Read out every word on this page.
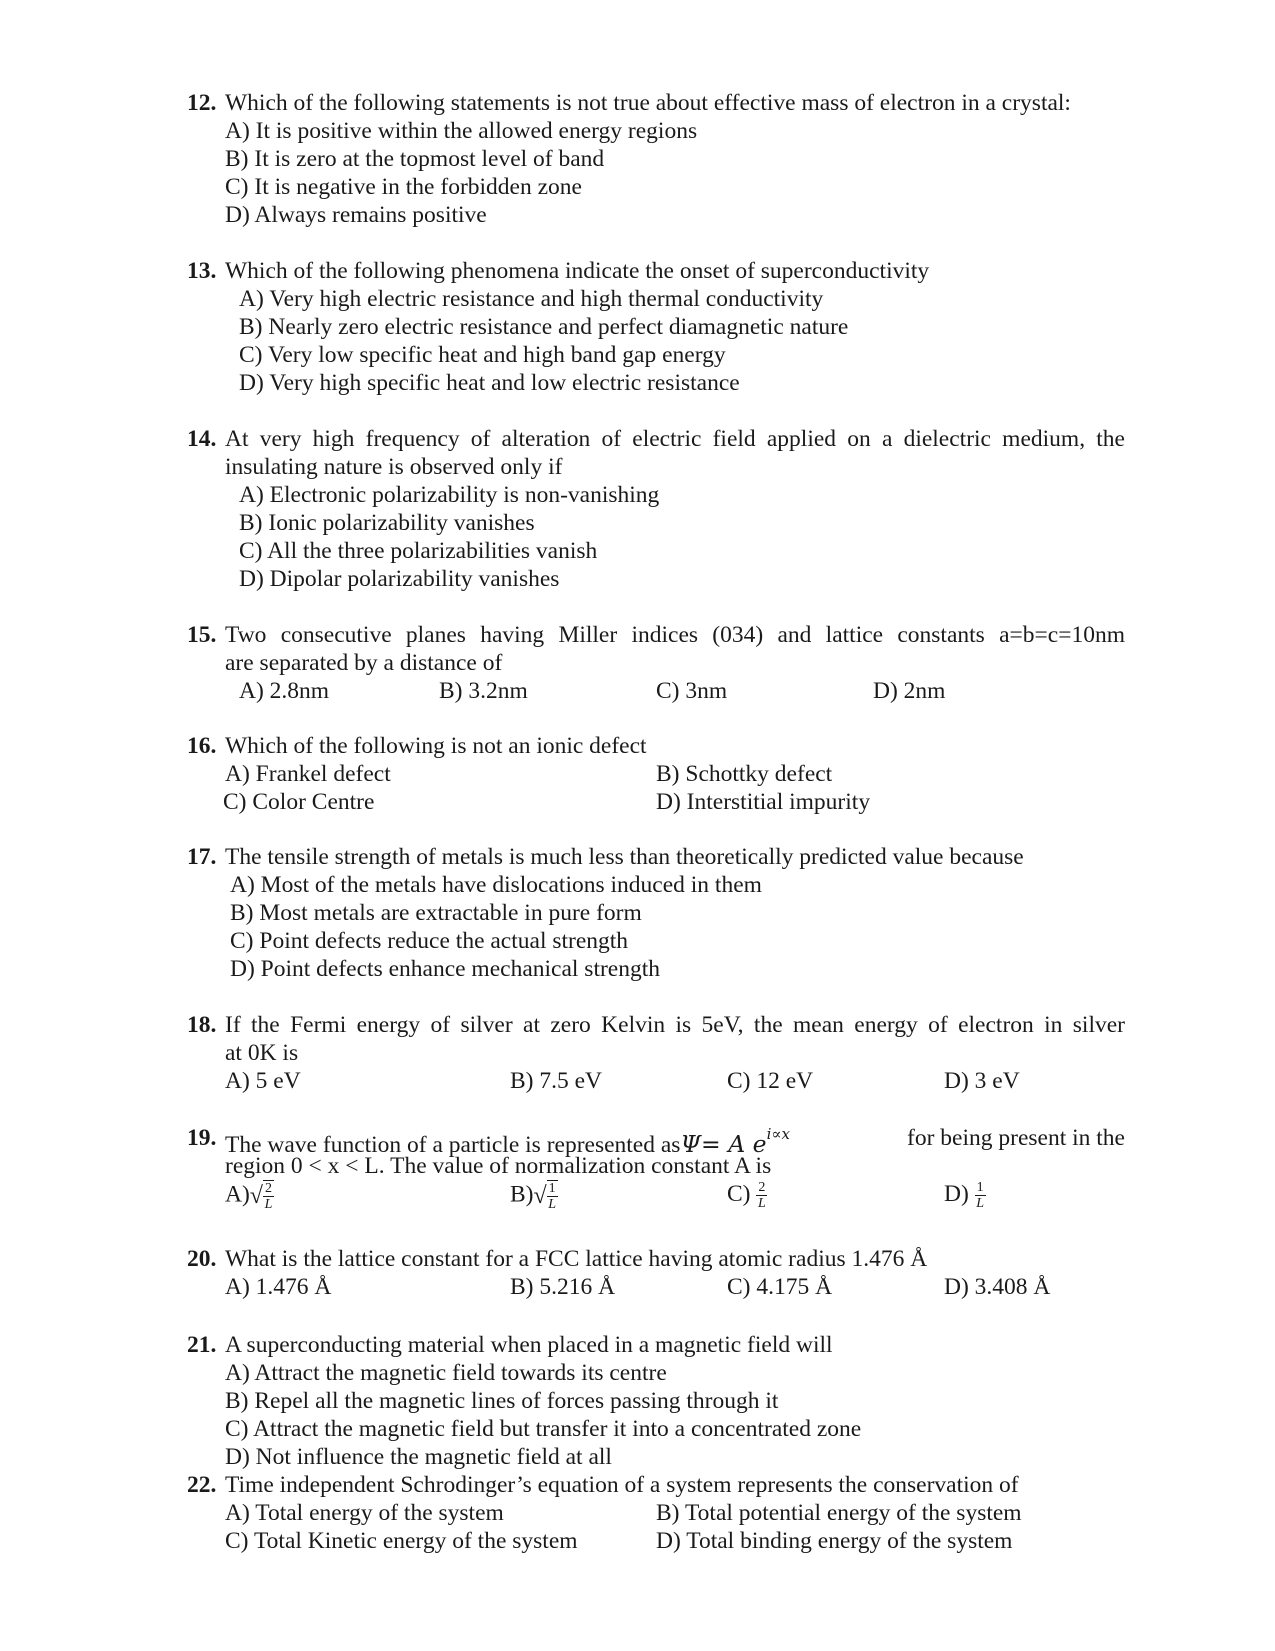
12. Which of the following statements is not true about effective mass of electron in a crystal:
A) It is positive within the allowed energy regions
B) It is zero at the topmost level of band
C) It is negative in the forbidden zone
D) Always remains positive
13. Which of the following phenomena indicate the onset of superconductivity
A) Very high electric resistance and high thermal conductivity
B) Nearly zero electric resistance and perfect diamagnetic nature
C) Very low specific heat and high band gap energy
D) Very high specific heat and low electric resistance
14. At very high frequency of alteration of electric field applied on a dielectric medium, the
insulating nature is observed only if
A) Electronic polarizability is non-vanishing
B) Ionic polarizability vanishes
C) All the three polarizabilities vanish
D) Dipolar polarizability vanishes
15. Two consecutive planes having Miller indices (034) and lattice constants a=b=c=10nm
are separated by a distance of
A) 2.8nm	B) 3.2nm	C) 3nm	D) 2nm
16. Which of the following is not an ionic defect
A) Frankel defect	B) Schottky defect
C) Color Centre	D) Interstitial impurity
17. The tensile strength of metals is much less than theoretically predicted value because
A) Most of the metals have dislocations induced in them
B) Most metals are extractable in pure form
C) Point defects reduce the actual strength
D) Point defects enhance mechanical strength
18. If the Fermi energy of silver at zero Kelvin is 5eV, the mean energy of electron in silver
at 0K is
A) 5 eV	B) 7.5 eV	C) 12 eV	D) 3 eV
19. The wave function of a particle is represented asΨ= A $e^{i\propto x}$	for being present in the
region 0 < x < L. The value of normalization constant A is
$A)√ \frac{2}{L}$	$B)√ \frac{1}{L}$	$C) \frac{2}{L}$	$D) \frac{1}{L}$
20. What is the lattice constant for a FCC lattice having atomic radius 1.476 Å
A) 1.476 Å	B) 5.216 Å	C) 4.175 Å	D) 3.408 Å
21. A superconducting material when placed in a magnetic field will
A) Attract the magnetic field towards its centre
B) Repel all the magnetic lines of forces passing through it
C) Attract the magnetic field but transfer it into a concentrated zone
D) Not influence the magnetic field at all
22. Time independent Schrodinger’s equation of a system represents the conservation of
A) Total energy of the system	B) Total potential energy of the system
C) Total Kinetic energy of the system	D) Total binding energy of the system
